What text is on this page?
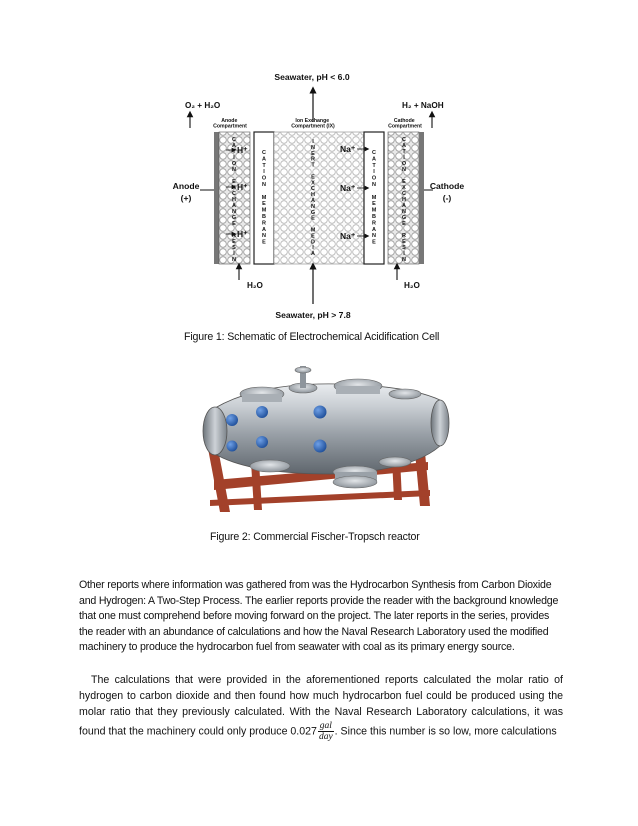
Seawater, pH < 6.0
O₂ + H₂O	H₂ + NaOH
Anode Compartment
Ion Exchange Compartment (IX)
Cathode Compartment
C A T I O N E X C H A N G E R E S I N
C A T I O N M E M B R A N E
I N E R T E X C H A N G E M E D I A
C A T I O N M E M B R A N E
C A T I O N E X C H A N G E R E S I N
H⁺
H⁺
H⁺
Na⁺
Na⁺
Na⁺
Anode
(+)
Cathode
(-)
H₂O	H₂O
Seawater, pH > 7.8
Figure 1: Schematic of Electrochemical Acidification Cell
Figure 2: Commercial Fischer-Tropsch reactor
Other reports where information was gathered from was the Hydrocarbon Synthesis from Carbon Dioxide and Hydrogen: A Two-Step Process. The earlier reports provide the reader with the background knowledge that one must comprehend before moving forward on the project. The later reports in the series, provides the reader with an abundance of calculations and how the Naval Research Laboratory used the modified machinery to produce the hydrocarbon fuel from seawater with coal as its primary energy source.
The calculations that were provided in the aforementioned reports calculated the molar ratio of hydrogen to carbon dioxide and then found how much hydrocarbon fuel could be produced using the molar ratio that they previously calculated. With the Naval Research Laboratory calculations, it was found that the machinery could only produce $0.027 \frac{\text{gal}}{\text{day}}$ . Since this number is so low, more calculations
